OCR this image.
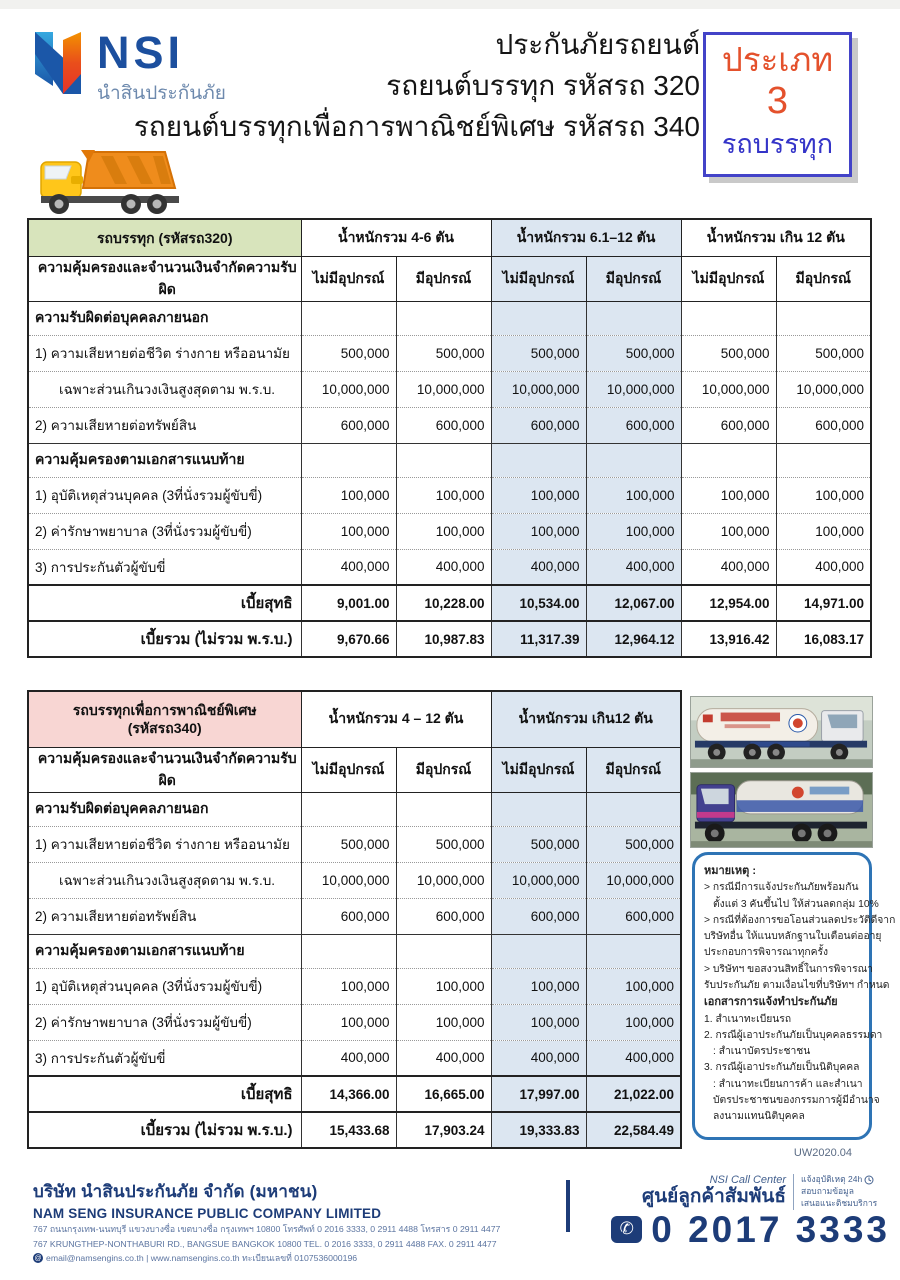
NSI
นำสินประกันภัย
ประกันภัยรถยนต์
รถยนต์บรรทุก รหัสรถ 320
รถยนต์บรรทุกเพื่อการพาณิชย์พิเศษ รหัสรถ 340
ประเภท
3
รถบรรทุก
รถบรรทุก (รหัสรถ320)	น้ำหนักรวม 4-6 ตัน		น้ำหนักรวม 6.1–12 ตัน		น้ำหนักรวม เกิน 12 ตัน	
ความคุ้มครองและจำนวนเงินจำกัดความรับผิด	ไม่มีอุปกรณ์	มีอุปกรณ์	ไม่มีอุปกรณ์	มีอุปกรณ์	ไม่มีอุปกรณ์	มีอุปกรณ์
ความรับผิดต่อบุคคลภายนอก						
1) ความเสียหายต่อชีวิต ร่างกาย หรืออนามัย	500,000	500,000	500,000	500,000	500,000	500,000
เฉพาะส่วนเกินวงเงินสูงสุดตาม พ.ร.บ.	10,000,000	10,000,000	10,000,000	10,000,000	10,000,000	10,000,000
2) ความเสียหายต่อทรัพย์สิน	600,000	600,000	600,000	600,000	600,000	600,000
ความคุ้มครองตามเอกสารแนบท้าย						
1) อุบัติเหตุส่วนบุคคล (3ที่นั่งรวมผู้ขับขี่)	100,000	100,000	100,000	100,000	100,000	100,000
2) ค่ารักษาพยาบาล (3ที่นั่งรวมผู้ขับขี่)	100,000	100,000	100,000	100,000	100,000	100,000
3) การประกันตัวผู้ขับขี่	400,000	400,000	400,000	400,000	400,000	400,000
เบี้ยสุทธิ	9,001.00	10,228.00	10,534.00	12,067.00	12,954.00	14,971.00
เบี้ยรวม (ไม่รวม พ.ร.บ.)	9,670.66	10,987.83	11,317.39	12,964.12	13,916.42	16,083.17
รถบรรทุกเพื่อการพาณิชย์พิเศษ
(รหัสรถ340)	น้ำหนักรวม 4 – 12 ตัน		น้ำหนักรวม เกิน12 ตัน	
ความคุ้มครองและจำนวนเงินจำกัดความรับผิด	ไม่มีอุปกรณ์	มีอุปกรณ์	ไม่มีอุปกรณ์	มีอุปกรณ์
ความรับผิดต่อบุคคลภายนอก				
1) ความเสียหายต่อชีวิต ร่างกาย หรืออนามัย	500,000	500,000	500,000	500,000
เฉพาะส่วนเกินวงเงินสูงสุดตาม พ.ร.บ.	10,000,000	10,000,000	10,000,000	10,000,000
2) ความเสียหายต่อทรัพย์สิน	600,000	600,000	600,000	600,000
ความคุ้มครองตามเอกสารแนบท้าย				
1) อุบัติเหตุส่วนบุคคล (3ที่นั่งรวมผู้ขับขี่)	100,000	100,000	100,000	100,000
2) ค่ารักษาพยาบาล (3ที่นั่งรวมผู้ขับขี่)	100,000	100,000	100,000	100,000
3) การประกันตัวผู้ขับขี่	400,000	400,000	400,000	400,000
เบี้ยสุทธิ	14,366.00	16,665.00	17,997.00	21,022.00
เบี้ยรวม (ไม่รวม พ.ร.บ.)	15,433.68	17,903.24	19,333.83	22,584.49
หมายเหตุ :
> กรณีมีการแจ้งประกันภัยพร้อมกัน
ตั้งแต่ 3 คันขึ้นไป ให้ส่วนลดกลุ่ม 10%
> กรณีที่ต้องการขอโอนส่วนลดประวัติดีจาก
บริษัทอื่น ให้แนบหลักฐานใบเตือนต่ออายุ
ประกอบการพิจารณาทุกครั้ง
> บริษัทฯ ขอสงวนสิทธิ์ในการพิจารณา
รับประกันภัย ตามเงื่อนไขที่บริษัทฯ กำหนด
เอกสารการแจ้งทำประกันภัย
1. สำเนาทะเบียนรถ
2. กรณีผู้เอาประกันภัยเป็นบุคคลธรรมดา
: สำเนาบัตรประชาชน
3. กรณีผู้เอาประกันภัยเป็นนิติบุคคล
: สำเนาทะเบียนการค้า และสำเนา
บัตรประชาชนของกรรมการผู้มีอำนาจ
ลงนามแทนนิติบุคคล
UW2020.04
บริษัท นำสินประกันภัย จำกัด (มหาชน)
NAM SENG INSURANCE PUBLIC COMPANY LIMITED
767 ถนนกรุงเทพ-นนทบุรี แขวงบางซื่อ เขตบางซื่อ กรุงเทพฯ 10800 โทรศัพท์ 0 2016 3333, 0 2911 4488 โทรสาร 0 2911 4477
767 KRUNGTHEP-NONTHABURI RD., BANGSUE BANGKOK 10800 TEL. 0 2016 3333, 0 2911 4488 FAX. 0 2911 4477
@ email@namsengins.co.th | www.namsengins.co.th ทะเบียนเลขที่ 0107536000196
NSI Call Center
ศูนย์ลูกค้าสัมพันธ์
แจ้งอุบัติเหตุ 24h
สอบถามข้อมูล
เสนอแนะติชมบริการ
✆ 0 2017 3333
